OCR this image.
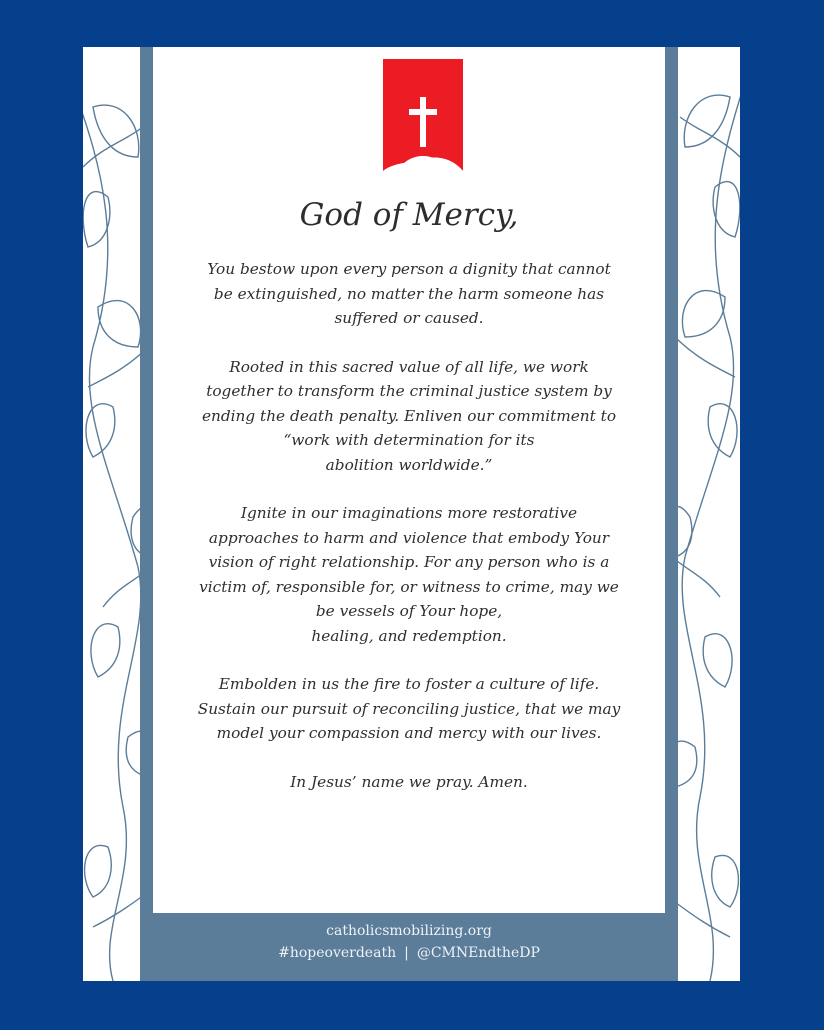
God of Mercy,

You bestow upon every person a dignity that cannot
be extinguished, no matter the harm someone has
suffered or caused.

Rooted in this sacred value of all life, we work
together to transform the criminal justice system by
ending the death penalty. Enliven our commitment to
“work with determination for its
abolition worldwide.”

Ignite in our imaginations more restorative
approaches to harm and violence that embody Your
vision of right relationship. For any person who is a
victim of, responsible for, or witness to crime, may we
be vessels of Your hope,
healing, and redemption.

Embolden in us the fire to foster a culture of life.
Sustain our pursuit of reconciling justice, that we may
model your compassion and mercy with our lives.

In Jesus’ name we pray. Amen.

catholicsmobilizing.org
#hopeoverdeath | @CMNEndtheDP
